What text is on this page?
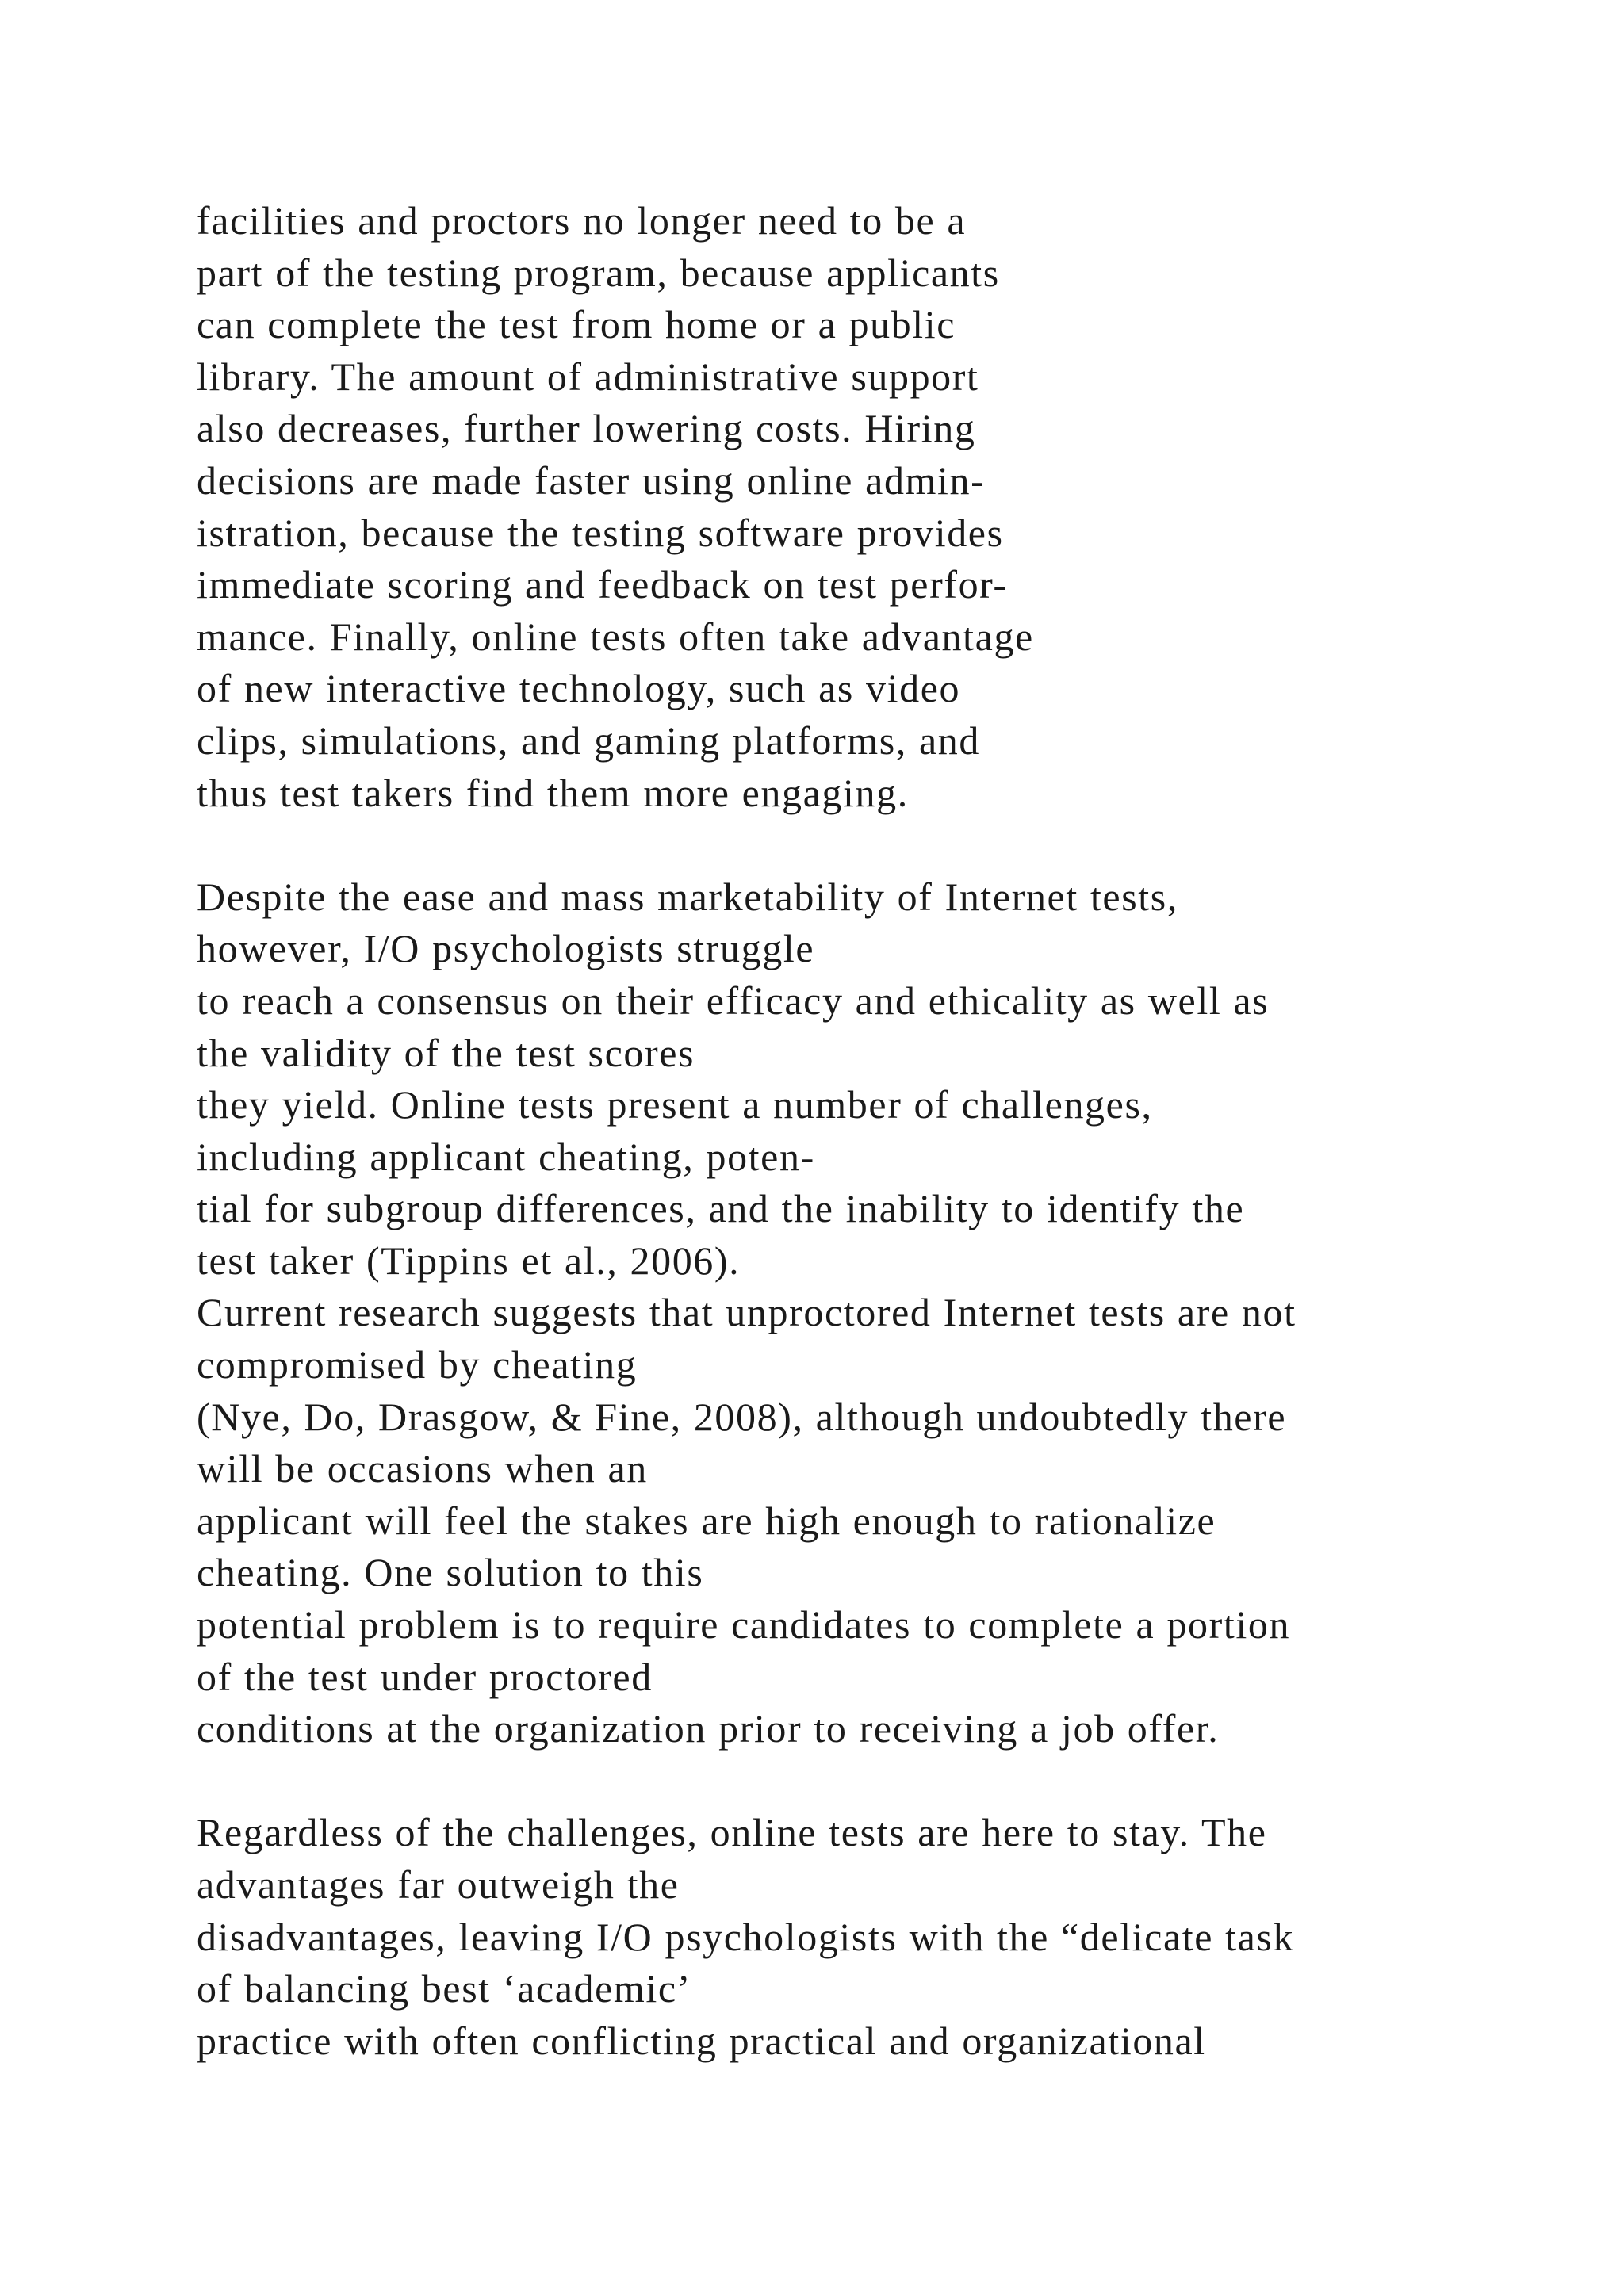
facilities and proctors no longer need to be a
part of the testing program, because applicants
can complete the test from home or a public
library. The amount of administrative support
also decreases, further lowering costs. Hiring
decisions are made faster using online admin-
istration, because the testing software provides
immediate scoring and feedback on test perfor-
mance. Finally, online tests often take advantage
of new interactive technology, such as video
clips, simulations, and gaming platforms, and
thus test takers find them more engaging.
Despite the ease and mass marketability of Internet tests,
however, I/O psychologists struggle
to reach a consensus on their efficacy and ethicality as well as
the validity of the test scores
they yield. Online tests present a number of challenges,
including applicant cheating, poten-
tial for subgroup differences, and the inability to identify the
test taker (Tippins et al., 2006).
Current research suggests that unproctored Internet tests are not
compromised by cheating
(Nye, Do, Drasgow, & Fine, 2008), although undoubtedly there
will be occasions when an
applicant will feel the stakes are high enough to rationalize
cheating. One solution to this
potential problem is to require candidates to complete a portion
of the test under proctored
conditions at the organization prior to receiving a job offer.
Regardless of the challenges, online tests are here to stay. The
advantages far outweigh the
disadvantages, leaving I/O psychologists with the “delicate task
of balancing best ‘academic’
practice with often conflicting practical and organizational
